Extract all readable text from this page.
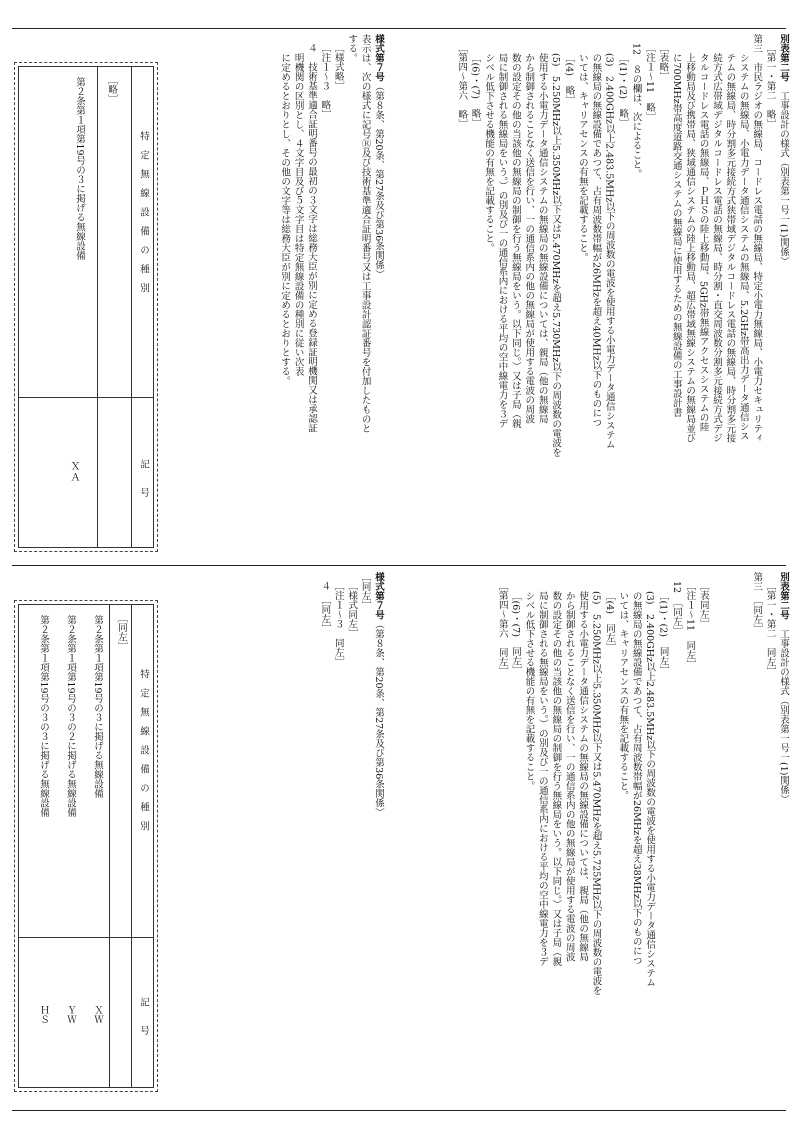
別表第二号　工事設計の様式（別表第一号一(1)関係）
［第一・第二　略］
第三　市民ラジオの無線局、コードレス電話の無線局、特定小電力無線局、小電力セキュリティ
システムの無線局、小電力データ通信システムの無線局、5.2GHz帯高出力データ通信シス
テムの無線局、時分割多元接続方式狭帯域デジタルコードレス電話の無線局、時分割多元接
続方式広帯域デジタルコードレス電話の無線局、時分割・直交周波数分割多元接続方式デジ
タルコードレス電話の無線局、ＰＨＳの陸上移動局、5GHz帯無線アクセスシステムの陸
上移動局及び携帯局、狭域通信システムの陸上移動局、超広帯域無線システムの無線局並び
に700MHz帯高度道路交通システムの無線局に使用するための無線設備の工事設計書
［表略］
［注１～11　略］
12　８の欄は、次によること。
［(1)・(2)　略］
(3)　2.400GHz以上2.483.5MHz以下の周波数の電波を使用する小電力データ通信システム
の無線局の無線設備であつて、占有周波数帯幅が26MHzを超え40MHz以下のものにつ
いては、キャリアセンスの有無を記載すること。
［(4)　略］
(5)　5.250MHz以上5.350MHz以下又は5.470MHzを超え5.730MHz以下の周波数の電波を
使用する小電力データ通信システムの無線局の無線設備については、親局（他の無線局
から制御されることなく送信を行い、一の通信系内の他の無線局が使用する電波の周波
数の設定その他の当該他の無線局の制御を行う無線局をいう。以下同じ。）又は子局（親
局に制御される無線局をいう。）の別及び一の通信系内における平均の空中線電力を３デ
シベル低下させる機能の有無を記載すること。
［(6)・(7)　略］
［第四～第六　略］
様式第７号（第８条、第20条、第27条及び第36条関係）
表示は、次の様式に記号Ⓡ及び技術基準適合証明番号又は工事設計認証番号を付加したものと
する。
［様式略］
［注１～３　略］
４　技術基準適合証明番号の最初の３文字は総務大臣が別に定める登録証明機関又は承認証
明機関の区別とし、４文字目及び５文字目は特定無線設備の種別に従い次表
に定めるとおりとし、その他の文字等は総務大臣が別に定めるとおりとする。
特　定　無　線　設　備　の　種　別
記　　号
［略］
第２条第１項第19号の３に掲げる無線設備
ＸＡ
別表第二号　工事設計の様式（別表第一号一(1)関係）
［第一・第二　同左］
第三　［同左］
［表同左］
［注１～11　同左］
12　［同左］
［(1)・(2)　同左］
(3)　2.400GHz以上2.483.5MHz以下の周波数の電波を使用する小電力データ通信システム
の無線局の無線設備であつて、占有周波数帯幅が26MHzを超え38MHz以下のものにつ
いては、キャリアセンスの有無を記載すること。
［(4)　同左］
(5)　5.250MHz以上5.350MHz以下又は5.470MHzを超え5.725MHz以下の周波数の電波を
使用する小電力データ通信システムの無線局の無線設備については、親局（他の無線局
から制御されることなく送信を行い、一の通信系内の他の無線局が使用する電波の周波
数の設定その他の当該他の無線局の制御を行う無線局をいう。以下同じ。）又は子局（親
局に制御される無線局をいう。）の別及び一の通信系内における平均の空中線電力を３デ
シベル低下させる機能の有無を記載すること。
［(6)・(7)　同左］
［第四～第六　同左］
様式第７号（第８条、第20条、第27条及び第36条関係）
［同左］
［様式同左］
［注１～３　同左］
４　［同左］
特　定　無　線　設　備　の　種　別
記　　号
［同左］
第２条第１項第19号の３に掲げる無線設備
ＸＷ
第２条第１項第19号の３の２に掲げる無線設備
ＹＷ
第２条第１項第19号の３の３に掲げる無線設備
ＨＳ
